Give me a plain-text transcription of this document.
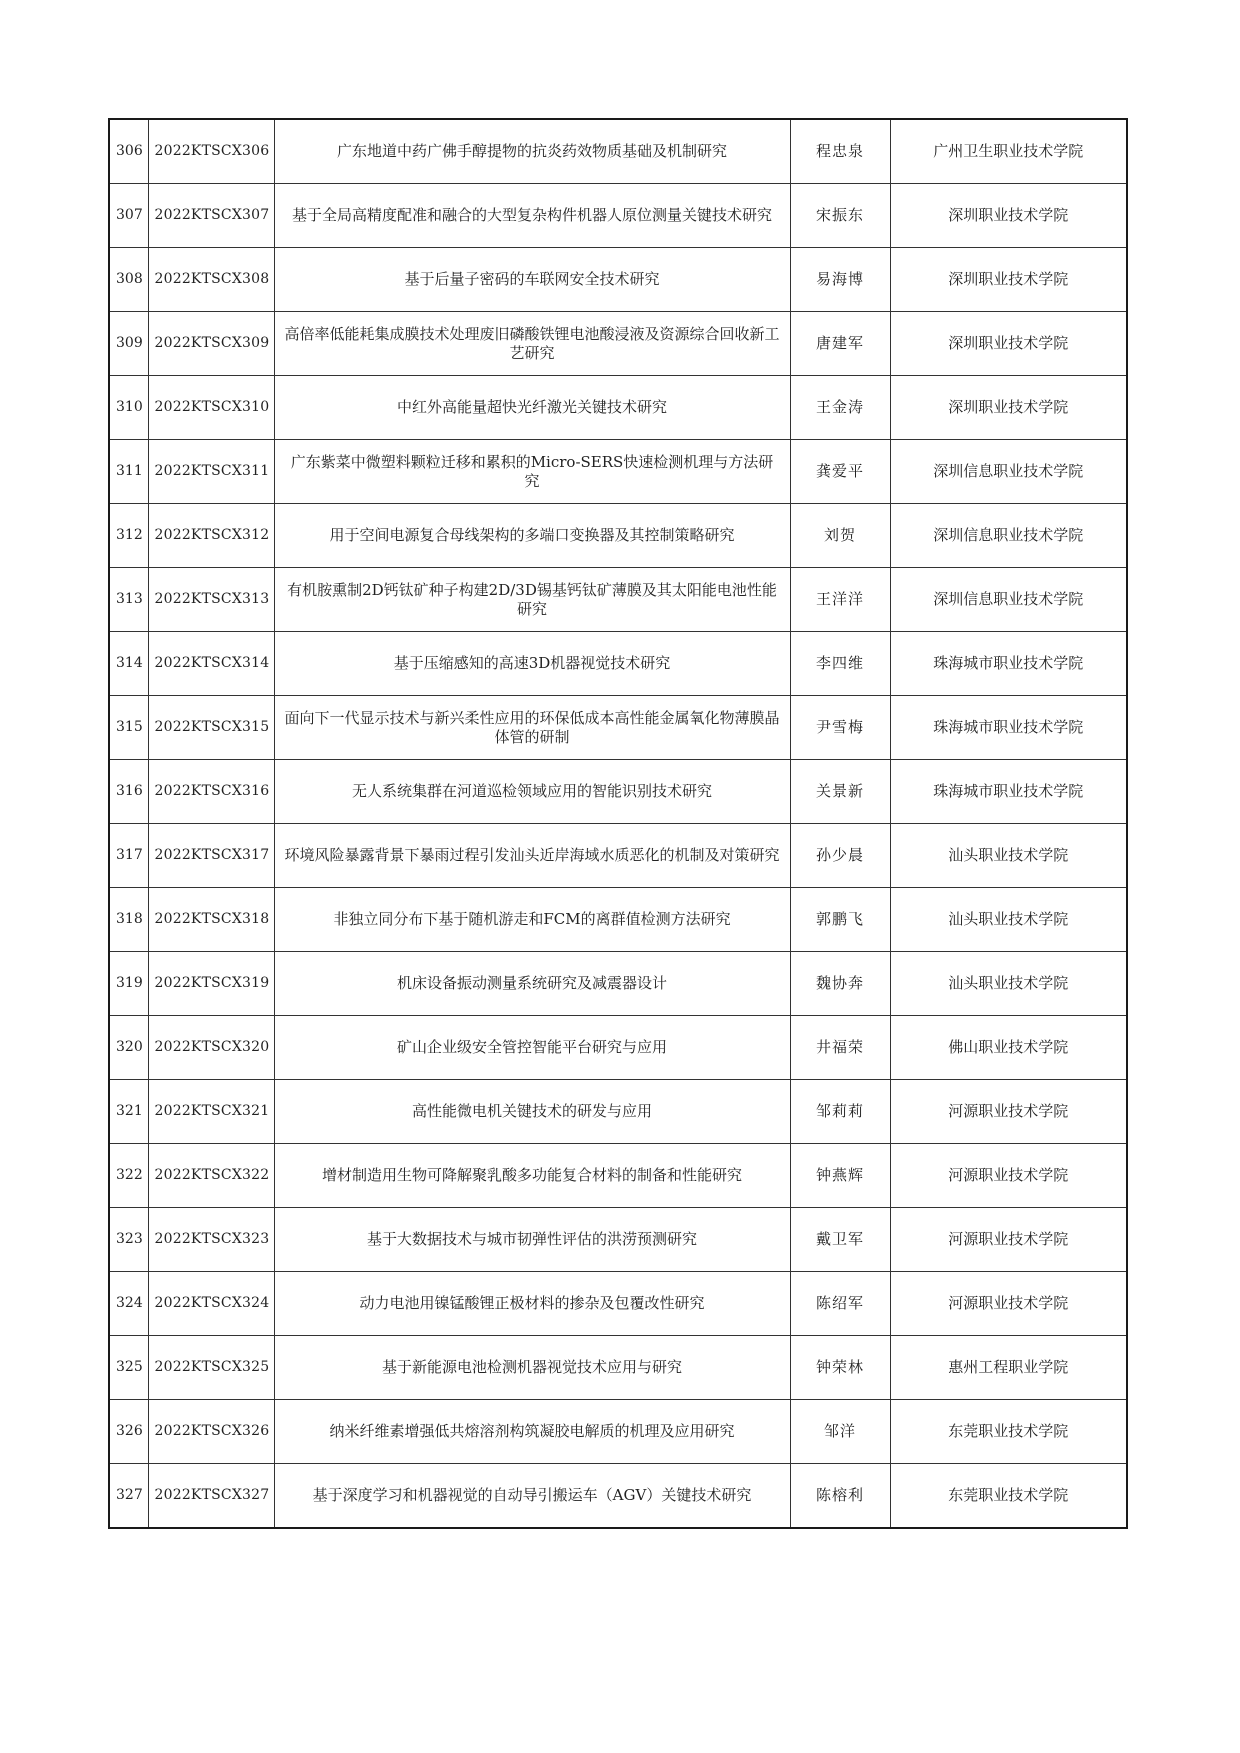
306	2022KTSCX306	广东地道中药广佛手醇提物的抗炎药效物质基础及机制研究	程忠泉	广州卫生职业技术学院
307	2022KTSCX307	基于全局高精度配准和融合的大型复杂构件机器人原位测量关键技术研究	宋振东	深圳职业技术学院
308	2022KTSCX308	基于后量子密码的车联网安全技术研究	易海博	深圳职业技术学院
309	2022KTSCX309	高倍率低能耗集成膜技术处理废旧磷酸铁锂电池酸浸液及资源综合回收新工艺研究	唐建军	深圳职业技术学院
310	2022KTSCX310	中红外高能量超快光纤激光关键技术研究	王金涛	深圳职业技术学院
311	2022KTSCX311	广东紫菜中微塑料颗粒迁移和累积的Micro-SERS快速检测机理与方法研究	龚爱平	深圳信息职业技术学院
312	2022KTSCX312	用于空间电源复合母线架构的多端口变换器及其控制策略研究	刘贺	深圳信息职业技术学院
313	2022KTSCX313	有机胺熏制2D钙钛矿种子构建2D/3D锡基钙钛矿薄膜及其太阳能电池性能研究	王洋洋	深圳信息职业技术学院
314	2022KTSCX314	基于压缩感知的高速3D机器视觉技术研究	李四维	珠海城市职业技术学院
315	2022KTSCX315	面向下一代显示技术与新兴柔性应用的环保低成本高性能金属氧化物薄膜晶体管的研制	尹雪梅	珠海城市职业技术学院
316	2022KTSCX316	无人系统集群在河道巡检领域应用的智能识别技术研究	关景新	珠海城市职业技术学院
317	2022KTSCX317	环境风险暴露背景下暴雨过程引发汕头近岸海域水质恶化的机制及对策研究	孙少晨	汕头职业技术学院
318	2022KTSCX318	非独立同分布下基于随机游走和FCM的离群值检测方法研究	郭鹏飞	汕头职业技术学院
319	2022KTSCX319	机床设备振动测量系统研究及减震器设计	魏协奔	汕头职业技术学院
320	2022KTSCX320	矿山企业级安全管控智能平台研究与应用	井福荣	佛山职业技术学院
321	2022KTSCX321	高性能微电机关键技术的研发与应用	邹莉莉	河源职业技术学院
322	2022KTSCX322	增材制造用生物可降解聚乳酸多功能复合材料的制备和性能研究	钟燕辉	河源职业技术学院
323	2022KTSCX323	基于大数据技术与城市韧弹性评估的洪涝预测研究	戴卫军	河源职业技术学院
324	2022KTSCX324	动力电池用镍锰酸锂正极材料的掺杂及包覆改性研究	陈绍军	河源职业技术学院
325	2022KTSCX325	基于新能源电池检测机器视觉技术应用与研究	钟荣林	惠州工程职业学院
326	2022KTSCX326	纳米纤维素增强低共熔溶剂构筑凝胶电解质的机理及应用研究	邹洋	东莞职业技术学院
327	2022KTSCX327	基于深度学习和机器视觉的自动导引搬运车（AGV）关键技术研究	陈榕利	东莞职业技术学院
